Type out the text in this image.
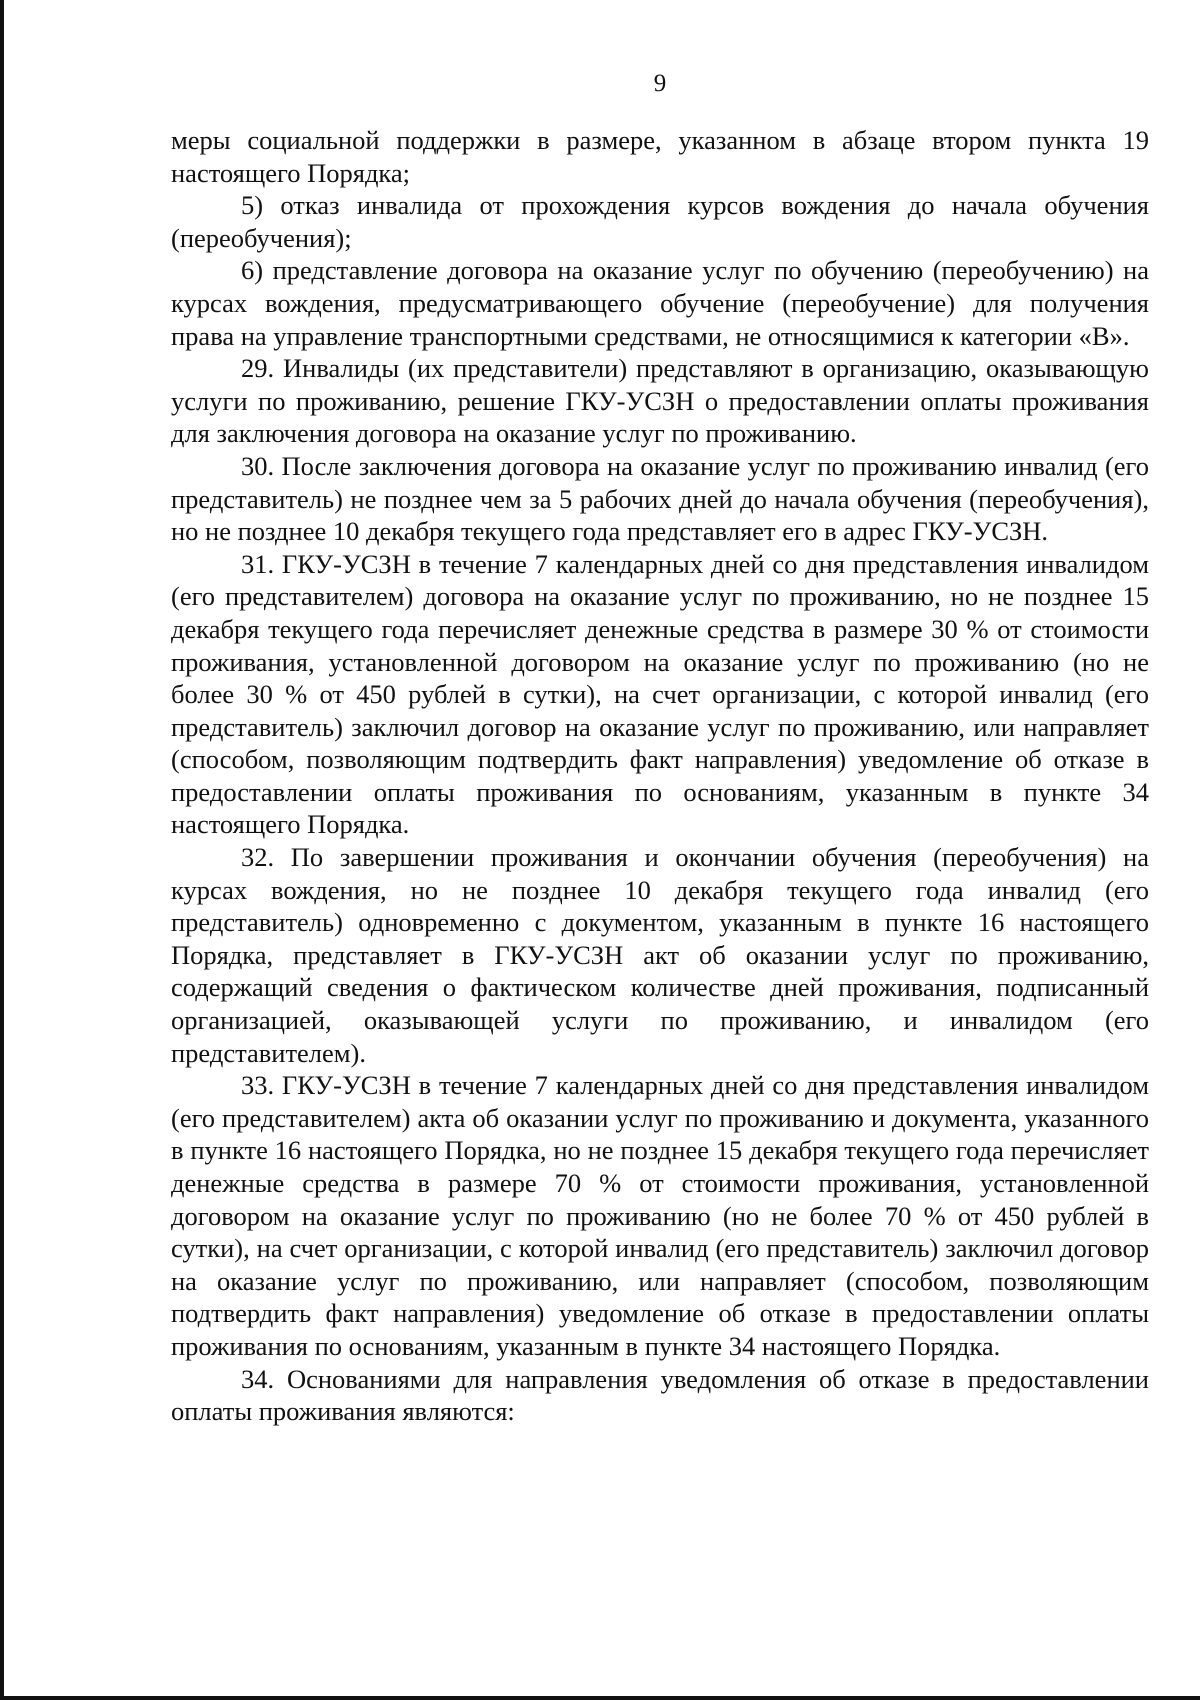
9

меры социальной поддержки в размере, указанном в абзаце втором пункта 19 настоящего Порядка;

5) отказ инвалида от прохождения курсов вождения до начала обучения (переобучения);

6) представление договора на оказание услуг по обучению (переобучению) на курсах вождения, предусматривающего обучение (переобучение) для получения права на управление транспортными средствами, не относящимися к категории «В».

29. Инвалиды (их представители) представляют в организацию, оказывающую услуги по проживанию, решение ГКУ-УСЗН о предоставлении оплаты проживания для заключения договора на оказание услуг по проживанию.

30. После заключения договора на оказание услуг по проживанию инвалид (его представитель) не позднее чем за 5 рабочих дней до начала обучения (переобучения), но не позднее 10 декабря текущего года представляет его в адрес ГКУ-УСЗН.

31. ГКУ-УСЗН в течение 7 календарных дней со дня представления инвалидом (его представителем) договора на оказание услуг по проживанию, но не позднее 15 декабря текущего года перечисляет денежные средства в размере 30 % от стоимости проживания, установленной договором на оказание услуг по проживанию (но не более 30 % от 450 рублей в сутки), на счет организации, с которой инвалид (его представитель) заключил договор на оказание услуг по проживанию, или направляет (способом, позволяющим подтвердить факт направления) уведомление об отказе в предоставлении оплаты проживания по основаниям, указанным в пункте 34 настоящего Порядка.

32. По завершении проживания и окончании обучения (переобучения) на курсах вождения, но не позднее 10 декабря текущего года инвалид (его представитель) одновременно с документом, указанным в пункте 16 настоящего Порядка, представляет в ГКУ-УСЗН акт об оказании услуг по проживанию, содержащий сведения о фактическом количестве дней проживания, подписанный организацией, оказывающей услуги по проживанию, и инвалидом (его представителем).

33. ГКУ-УСЗН в течение 7 календарных дней со дня представления инвалидом (его представителем) акта об оказании услуг по проживанию и документа, указанного в пункте 16 настоящего Порядка, но не позднее 15 декабря текущего года перечисляет денежные средства в размере 70 % от стоимости проживания, установленной договором на оказание услуг по проживанию (но не более 70 % от 450 рублей в сутки), на счет организации, с которой инвалид (его представитель) заключил договор на оказание услуг по проживанию, или направляет (способом, позволяющим подтвердить факт направления) уведомление об отказе в предоставлении оплаты проживания по основаниям, указанным в пункте 34 настоящего Порядка.

34. Основаниями для направления уведомления об отказе в предоставлении оплаты проживания являются:
